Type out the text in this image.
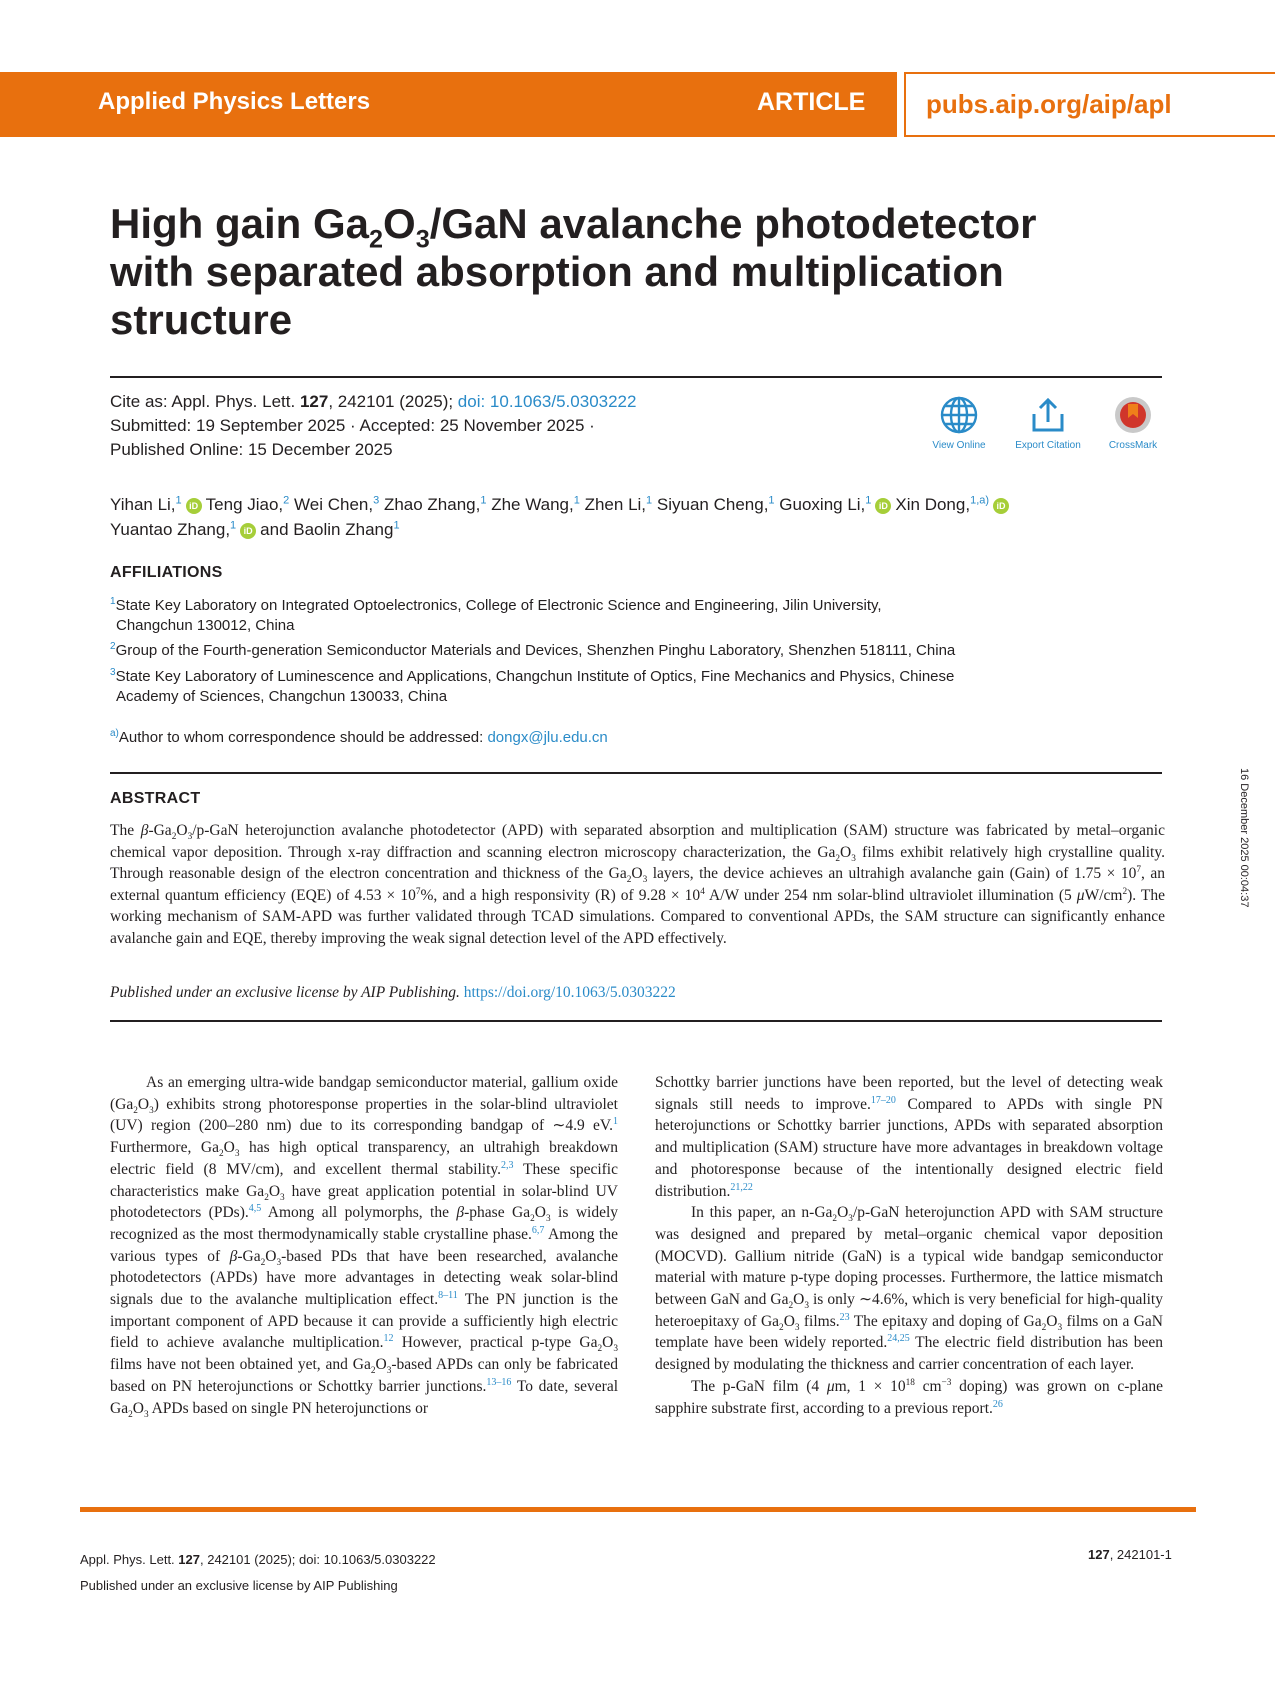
Applied Physics Letters	ARTICLE pubs.aip.org/aip/apl
High gain $Ga_2O_3$/GaN avalanche photodetector with separated absorption and multiplication structure
Cite as: Appl. Phys. Lett. 127, 242101 (2025); doi: 10.1063/5.0303222
Submitted: 19 September 2025 · Accepted: 25 November 2025 ·
Published Online: 15 December 2025	View Online	Export Citation	CrossMark
Yihan Li,$^1$ iD Teng Jiao,$^2$ Wei Chen,$^3$ Zhao Zhang,$^1$ Zhe Wang,$^1$ Zhen Li,$^1$ Siyuan Cheng,$^1$ Guoxing Li,$^1$ iD Xin Dong,$^{1,a)}$ iD
Yuantao Zhang,$^1$ iD and Baolin Zhang$^1$
AFFILIATIONS
$^1$State Key Laboratory on Integrated Optoelectronics, College of Electronic Science and Engineering, Jilin University,
Changchun 130012, China
$^2$Group of the Fourth-generation Semiconductor Materials and Devices, Shenzhen Pinghu Laboratory, Shenzhen 518111, China
$^3$State Key Laboratory of Luminescence and Applications, Changchun Institute of Optics, Fine Mechanics and Physics, Chinese
Academy of Sciences, Changchun 130033, China
$^{a)}$Author to whom correspondence should be addressed: dongx@jlu.edu.cn
ABSTRACT
The $\beta-Ga_2O_3/p$-GaN heterojunction avalanche photodetector (APD) with separated absorption and multiplication (SAM) structure was fabricated by metal–organic chemical vapor deposition. Through x-ray diffraction and scanning electron microscopy characterization, the $Ga_2O_3$ films exhibit relatively high crystalline quality. Through reasonable design of the electron concentration and thickness of the $Ga_2O_3$ layers, the device achieves an ultrahigh avalanche gain (Gain) of $1.75 \times 10^7$, an external quantum efficiency (EQE) of $4.53 \times 10^7\%$, and a high responsivity (R) of $9.28 \times 10^4$ A/W under 254 nm solar-blind ultraviolet illumination (5 $\mu W/cm^2$). The working mechanism of SAM-APD was further validated through TCAD simulations. Compared to conventional APDs, the SAM structure can significantly enhance avalanche gain and EQE, thereby improving the weak signal detection level of the APD effectively.
Published under an exclusive license by AIP Publishing. https://doi.org/10.1063/5.0303222

As an emerging ultra-wide bandgap semiconductor material, gallium oxide $(Ga_2O_3)$ exhibits strong photoresponse properties in the solar-blind ultraviolet (UV) region (200–280 nm) due to its corresponding bandgap of ∼4.9 eV.$^1$ Furthermore, $Ga_2O_3$ has high optical transparency, an ultrahigh breakdown electric field (8 MV/cm), and excellent thermal stability.$^{2,3}$ These specific characteristics make $Ga_2O_3$ have great application potential in solar-blind UV photodetectors (PDs).$^{4,5}$ Among all polymorphs, the β-phase $Ga_2O_3$ is widely recognized as the most thermodynamically stable crystalline phase.$^{6,7}$ Among the various types of $\beta-Ga_2O_3$-based PDs that have been researched, avalanche photodetectors (APDs) have more advantages in detecting weak solar-blind signals due to the avalanche multiplication effect.$^{8-11}$ The PN junction is the important component of APD because it can provide a sufficiently high electric field to achieve avalanche multiplication.$^{12}$ However, practical p-type $Ga_2O_3$ films have not been obtained yet, and $Ga_2O_3$-based APDs can only be fabricated based on PN heterojunctions or Schottky barrier junctions.$^{13-16}$ To date, several $Ga_2O_3$ APDs based on single PN heterojunctions or

Schottky barrier junctions have been reported, but the level of detecting weak signals still needs to improve.$^{17-20}$ Compared to APDs with single PN heterojunctions or Schottky barrier junctions, APDs with separated absorption and multiplication (SAM) structure have more advantages in breakdown voltage and photoresponse because of the intentionally designed electric field distribution.$^{21,22}$

In this paper, an $n-Ga_2O_3/p$-GaN heterojunction APD with SAM structure was designed and prepared by metal–organic chemical vapor deposition (MOCVD). Gallium nitride (GaN) is a typical wide bandgap semiconductor material with mature p-type doping processes. Furthermore, the lattice mismatch between GaN and $Ga_2O_3$ is only ∼4.6%, which is very beneficial for high-quality heteroepitaxy of $Ga_2O_3$ films.$^{23}$ The epitaxy and doping of $Ga_2O_3$ films on a GaN template have been widely reported.$^{24,25}$ The electric field distribution has been designed by modulating the thickness and carrier concentration of each layer.

The p-GaN film (4 μm, $1 \times 10^{18}$ $cm^{-3}$ doping) was grown on c-plane sapphire substrate first, according to a previous report.$^{26}$

Appl. Phys. Lett. 127, 242101 (2025); doi: 10.1063/5.0303222
Published under an exclusive license by AIP Publishing
127, 242101-1
16 December 2025 00:04:37
